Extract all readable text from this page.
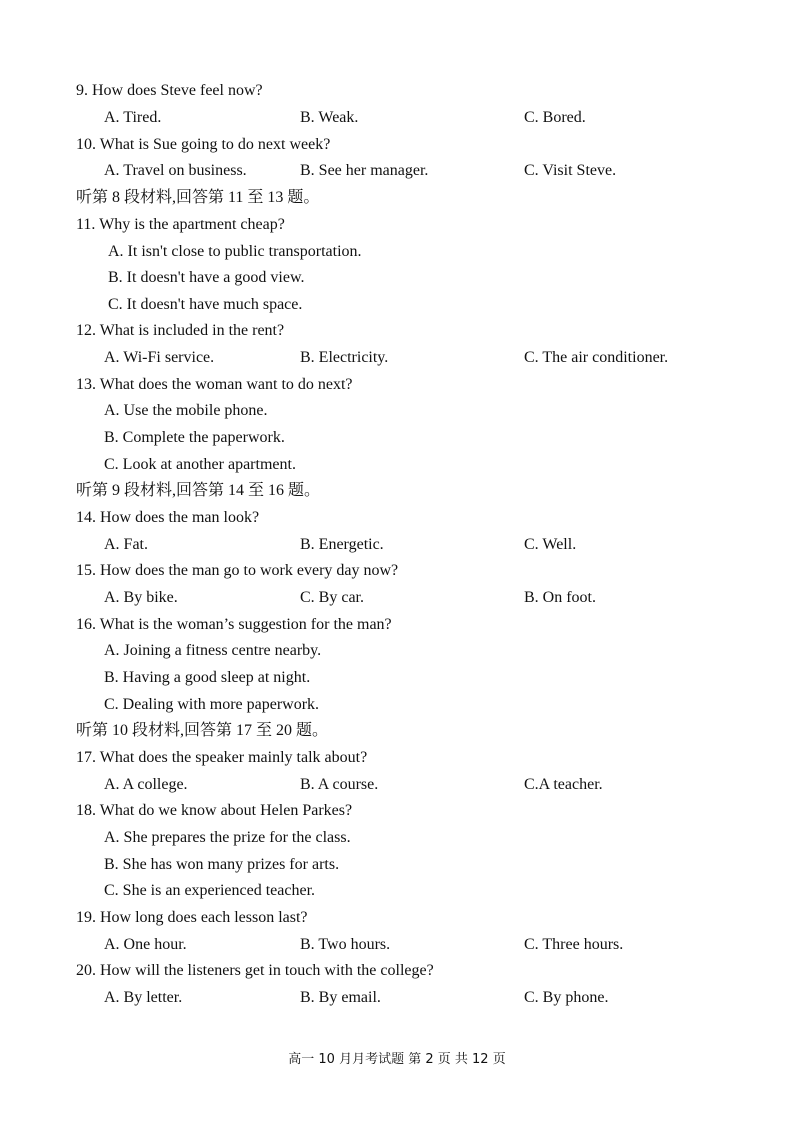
9. How does Steve feel now?
A. Tired.	B. Weak.	C. Bored.
10. What is Sue going to do next week?
A. Travel on business.	B. See her manager.	C. Visit Steve.
听第 8 段材料,回答第 11 至 13 题。
11. Why is the apartment cheap?
A. It isn't close to public transportation.
B. It doesn't have a good view.
C. It doesn't have much space.
12. What is included in the rent?
A. Wi-Fi service.	B. Electricity.	C. The air conditioner.
13. What does the woman want to do next?
A. Use the mobile phone.
B. Complete the paperwork.
C. Look at another apartment.
听第 9 段材料,回答第 14 至 16 题。
14. How does the man look?
A. Fat.	B. Energetic.	C. Well.
15. How does the man go to work every day now?
A. By bike.	C. By car.	B. On foot.
16. What is the woman’s suggestion for the man?
A. Joining a fitness centre nearby.
B. Having a good sleep at night.
C. Dealing with more paperwork.
听第 10 段材料,回答第 17 至 20 题。
17. What does the speaker mainly talk about?
A. A college.	B. A course.	C.A teacher.
18. What do we know about Helen Parkes?
A. She prepares the prize for the class.
B. She has won many prizes for arts.
C. She is an experienced teacher.
19. How long does each lesson last?
A. One hour.	B. Two hours.	C. Three hours.
20. How will the listeners get in touch with the college?
A. By letter.	B. By email.	C. By phone.
高一 10 月月考试题 第 2 页 共 12 页
